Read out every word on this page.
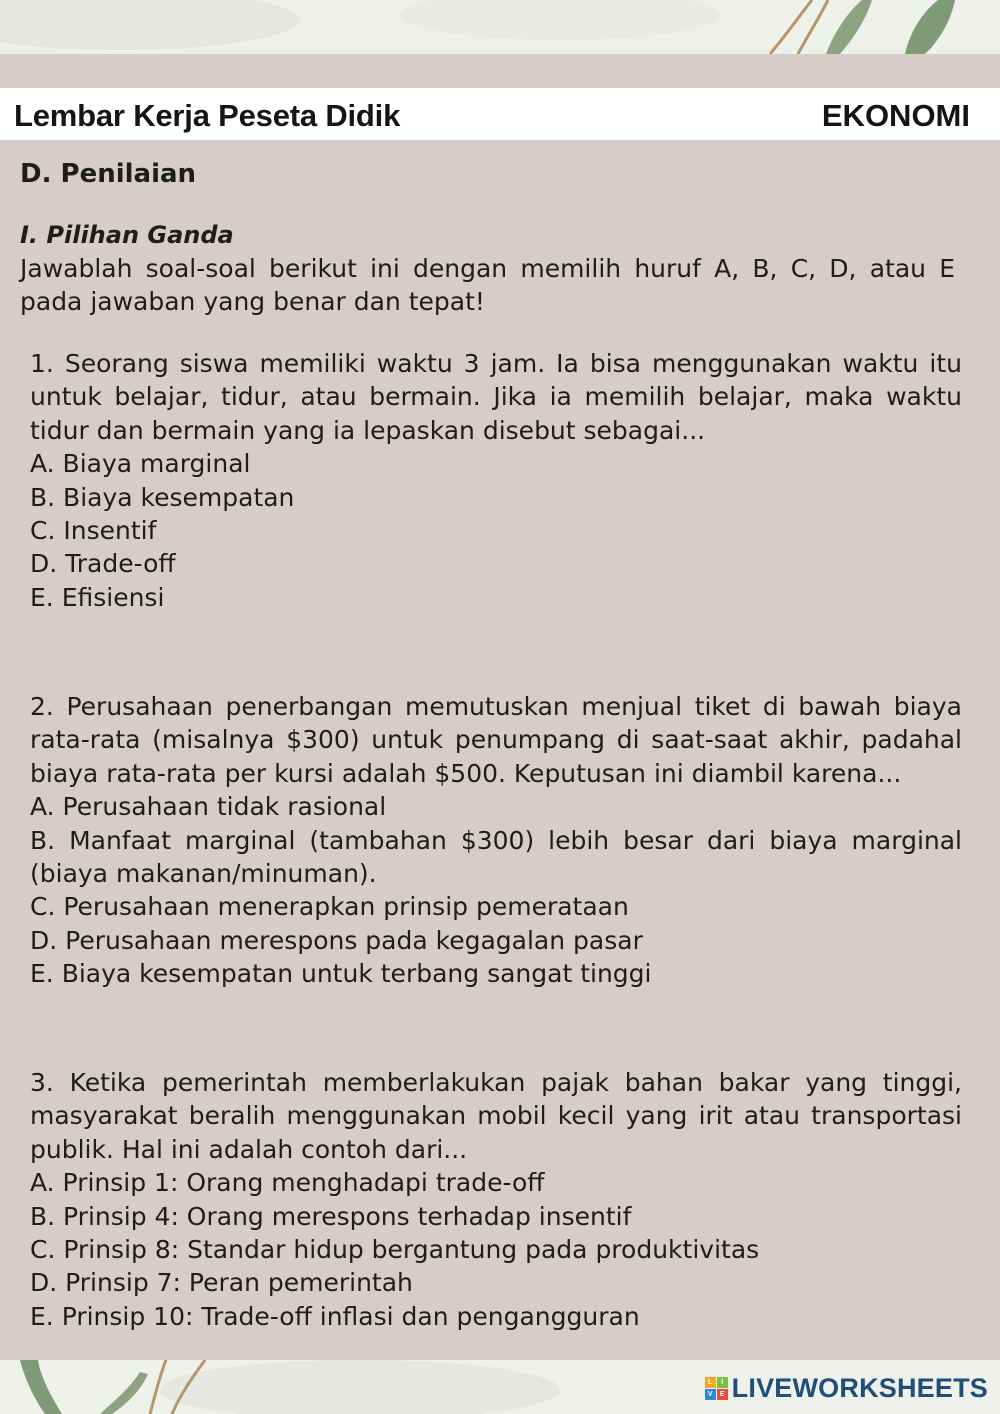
Lembar Kerja Peseta Didik	EKONOMI
D. Penilaian
I. Pilihan Ganda
Jawablah soal-soal berikut ini dengan memilih huruf A, B, C, D, atau E pada jawaban yang benar dan tepat!

1. Seorang siswa memiliki waktu 3 jam. Ia bisa menggunakan waktu itu untuk belajar, tidur, atau bermain. Jika ia memilih belajar, maka waktu tidur dan bermain yang ia lepaskan disebut sebagai...

A. Biaya marginal
B. Biaya kesempatan
C. Insentif
D. Trade-off
E. Efisiensi

2. Perusahaan penerbangan memutuskan menjual tiket di bawah biaya rata-rata (misalnya $300) untuk penumpang di saat-saat akhir, padahal biaya rata-rata per kursi adalah $500. Keputusan ini diambil karena...

A. Perusahaan tidak rasional
B. Manfaat marginal (tambahan $300) lebih besar dari biaya marginal (biaya makanan/minuman).
C. Perusahaan menerapkan prinsip pemerataan
D. Perusahaan merespons pada kegagalan pasar
E. Biaya kesempatan untuk terbang sangat tinggi

3. Ketika pemerintah memberlakukan pajak bahan bakar yang tinggi, masyarakat beralih menggunakan mobil kecil yang irit atau transportasi publik. Hal ini adalah contoh dari...

A. Prinsip 1: Orang menghadapi trade-off
B. Prinsip 4: Orang merespons terhadap insentif
C. Prinsip 8: Standar hidup bergantung pada produktivitas
D. Prinsip 7: Peran pemerintah
E. Prinsip 10: Trade-off inflasi dan pengangguran
L	I
V	E LIVEWORKSHEETS
